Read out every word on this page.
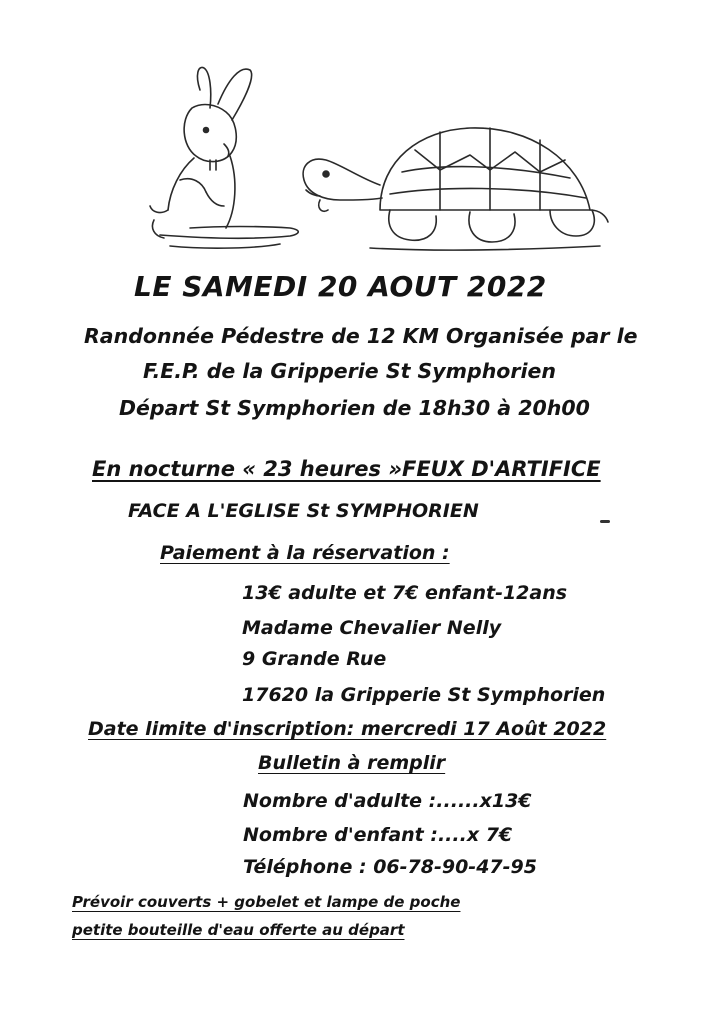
LE SAMEDI 20 AOUT 2022
Randonnée Pédestre de 12 KM Organisée par le
F.E.P. de la Gripperie St Symphorien
Départ St Symphorien de 18h30 à 20h00
En nocturne « 23 heures »FEUX D'ARTIFICE
FACE A L'EGLISE St SYMPHORIEN
Paiement à la réservation :
13€ adulte et 7€ enfant-12ans
Madame Chevalier Nelly
9 Grande Rue
17620 la Gripperie St Symphorien
Date limite d'inscription: mercredi 17 Août 2022
Bulletin à remplir
Nombre d'adulte :......x13€
Nombre d'enfant :....x 7€
Téléphone : 06-78-90-47-95
Prévoir couverts + gobelet et lampe de poche
petite bouteille d'eau offerte au départ
